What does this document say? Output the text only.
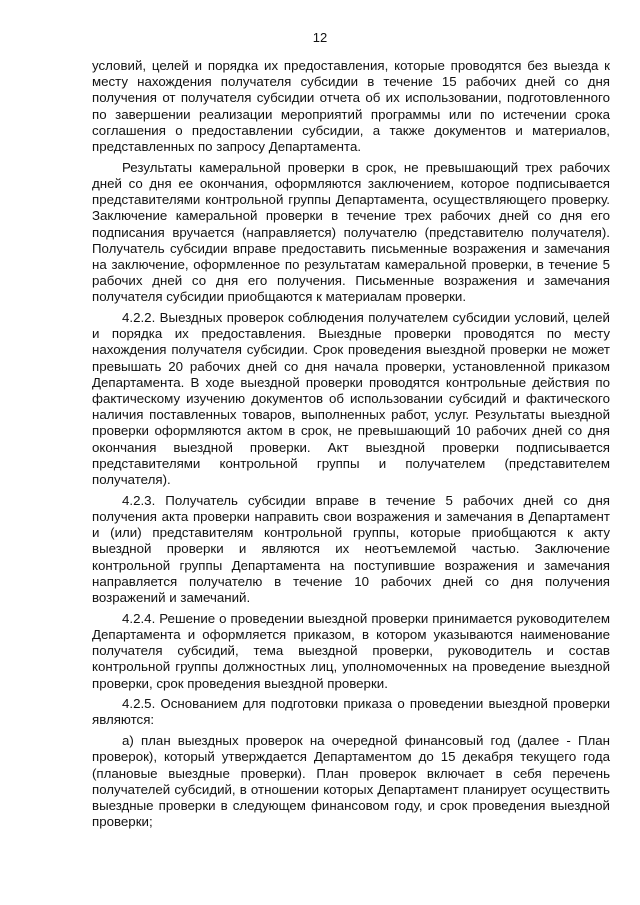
12

условий, целей и порядка их предоставления, которые проводятся без выезда к месту нахождения получателя субсидии в течение 15 рабочих дней со дня получения от получателя субсидии отчета об их использовании, подготовленного по завершении реализации мероприятий программы или по истечении срока соглашения о предоставлении субсидии, а также документов и материалов, представленных по запросу Департамента.

Результаты камеральной проверки в срок, не превышающий трех рабочих дней со дня ее окончания, оформляются заключением, которое подписывается представителями контрольной группы Департамента, осуществляющего проверку. Заключение камеральной проверки в течение трех рабочих дней со дня его подписания вручается (направляется) получателю (представителю получателя). Получатель субсидии вправе предоставить письменные возражения и замечания на заключение, оформленное по результатам камеральной проверки, в течение 5 рабочих дней со дня его получения. Письменные возражения и замечания получателя субсидии приобщаются к материалам проверки.

4.2.2. Выездных проверок соблюдения получателем субсидии условий, целей и порядка их предоставления. Выездные проверки проводятся по месту нахождения получателя субсидии. Срок проведения выездной проверки не может превышать 20 рабочих дней со дня начала проверки, установленной приказом Департамента. В ходе выездной проверки проводятся контрольные действия по фактическому изучению документов об использовании субсидий и фактического наличия поставленных товаров, выполненных работ, услуг. Результаты выездной проверки оформляются актом в срок, не превышающий 10 рабочих дней со дня окончания выездной проверки. Акт выездной проверки подписывается представителями контрольной группы и получателем (представителем получателя).

4.2.3. Получатель субсидии вправе в течение 5 рабочих дней со дня получения акта проверки направить свои возражения и замечания в Департамент и (или) представителям контрольной группы, которые приобщаются к акту выездной проверки и являются их неотъемлемой частью. Заключение контрольной группы Департамента на поступившие возражения и замечания направляется получателю в течение 10 рабочих дней со дня получения возражений и замечаний.

4.2.4. Решение о проведении выездной проверки принимается руководителем Департамента и оформляется приказом, в котором указываются наименование получателя субсидий, тема выездной проверки, руководитель и состав контрольной группы должностных лиц, уполномоченных на проведение выездной проверки, срок проведения выездной проверки.

4.2.5. Основанием для подготовки приказа о проведении выездной проверки являются:

а) план выездных проверок на очередной финансовый год (далее - План проверок), который утверждается Департаментом до 15 декабря текущего года (плановые выездные проверки). План проверок включает в себя перечень получателей субсидий, в отношении которых Департамент планирует осуществить выездные проверки в следующем финансовом году, и срок проведения выездной проверки;
